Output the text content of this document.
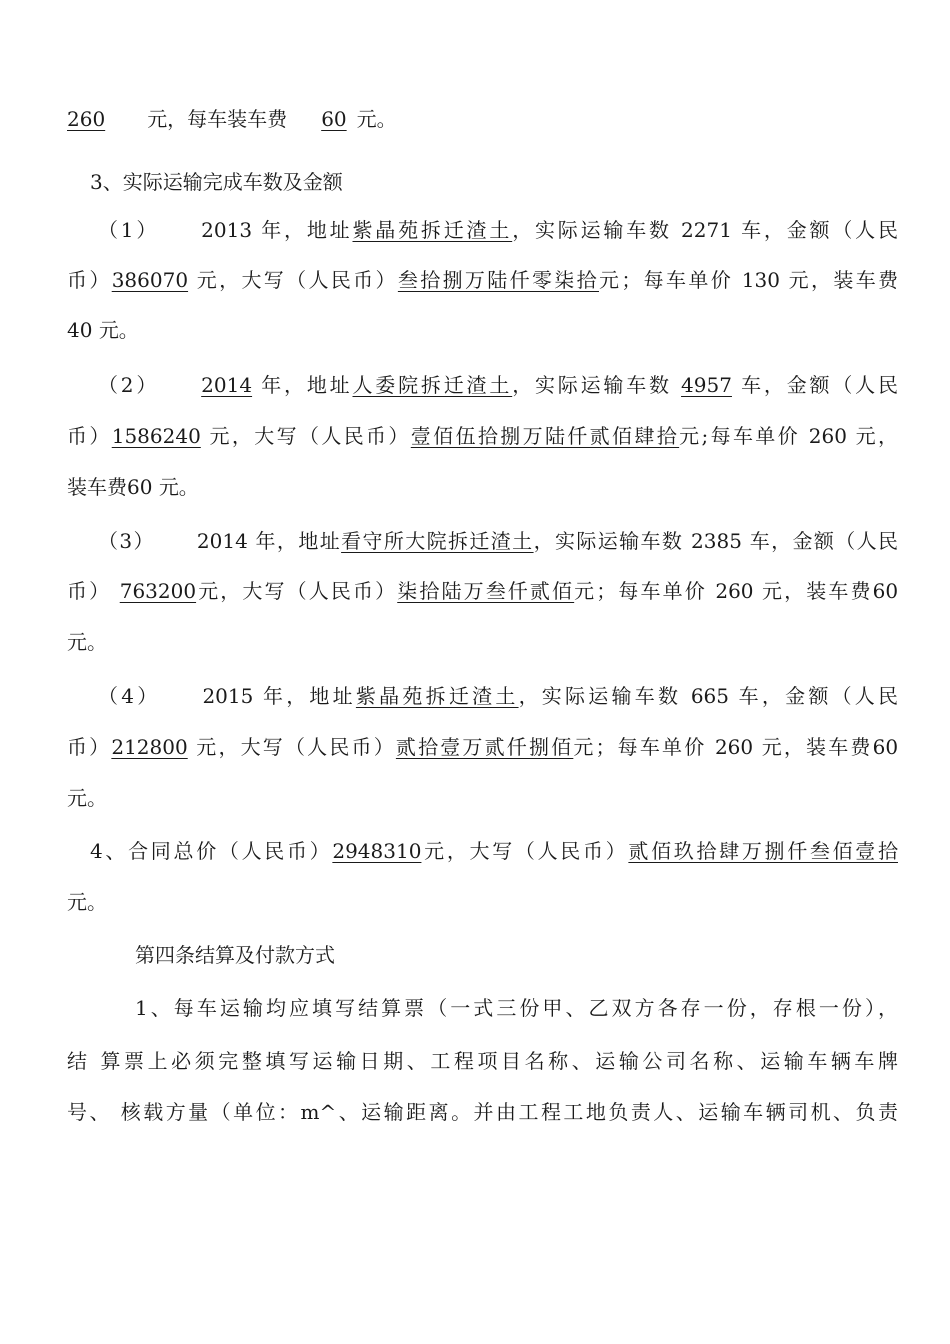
260 元，每车装车费 60 元。
3、实际运输完成车数及金额
（1） 2013 年，地址紫晶苑拆迁渣土，实际运输车数 2271 车，金额（人民
币）386070 元，大写（人民币）叁拾捌万陆仟零柒拾元；每车单价 130 元，装车费
40 元。
（2） 2014 年，地址人委院拆迁渣土，实际运输车数 4957 车，金额（人民
币）1586240 元，大写（人民币）壹佰伍拾捌万陆仟贰佰肆拾元;每车单价 260 元，
装车费60 元。
（3） 2014 年，地址看守所大院拆迁渣土，实际运输车数 2385 车，金额（人民
币） 763200元，大写（人民币）柒拾陆万叁仟贰佰元；每车单价 260 元，装车费60
元。
（4） 2015 年，地址紫晶苑拆迁渣土，实际运输车数 665 车，金额（人民
币）212800 元，大写（人民币）贰拾壹万贰仟捌佰元；每车单价 260 元，装车费60
元。
4、合同总价（人民币）2948310元，大写（人民币）贰佰玖拾肆万捌仟叁佰壹拾
元。
第四条结算及付款方式
1、每车运输均应填写结算票（一式三份甲、乙双方各存一份，存根一份），
结 算票上必须完整填写运输日期、工程项目名称、运输公司名称、运输车辆车牌
号、 核载方量（单位：m^、运输距离。并由工程工地负责人、运输车辆司机、负责
